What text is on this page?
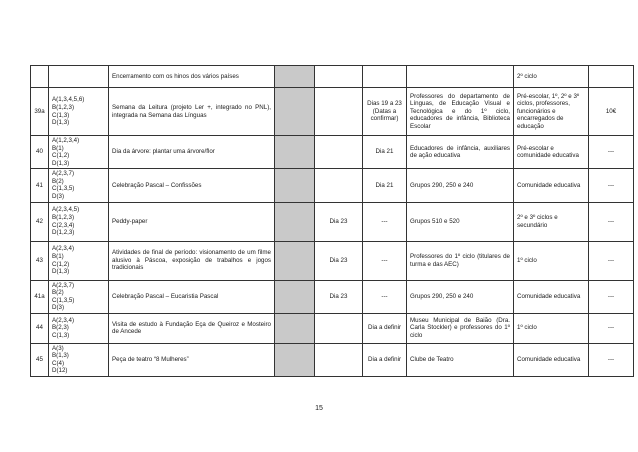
		Encerramento com os hinos dos vários países					2º ciclo	
39a	A(1,3,4,5,6)
B(1,2,3)
C(1,3)
D(1,3)	Semana da Leitura (projeto Ler +, integrado no PNL), integrada na Semana das Línguas			Dias 19 a 23 (Datas a confirmar)	Professores do departamento de Línguas, de Educação Visual e Tecnológica e do 1º ciclo, educadores de infância, Biblioteca Escolar	Pré-escolar, 1º, 2º e 3º ciclos, professores, funcionários e encarregados de educação	10€
40	A(1,2,3,4)
B(1)
C(1,2)
D(1,3)	Dia da árvore: plantar uma árvore/flor			Dia 21	Educadores de infância, auxiliares de ação educativa	Pré-escolar e comunidade educativa	---
41	A(2,3,7)
B(2)
C(1,3,5)
D(3)	Celebração Pascal – Confissões			Dia 21	Grupos 290, 250 e 240	Comunidade educativa	---
42	A(2,3,4,5)
B(1,2,3)
C(2,3,4)
D(1,2,3)	Peddy-paper		Dia 23	---	Grupos 510 e 520	2º e 3º ciclos e secundário	---
43	A(2,3,4)
B(1)
C(1,2)
D(1,3)	Atividades de final de período: visionamento de um filme alusivo à Páscoa, exposição de trabalhos e jogos tradicionais		Dia 23	---	Professores do 1º ciclo (titulares de turma e das AEC)	1º ciclo	---
41a	A(2,3,7)
B(2)
C(1,3,5)
D(3)	Celebração Pascal – Eucaristia Pascal		Dia 23	---	Grupos 290, 250 e 240	Comunidade educativa	---
44	A(2,3,4)
B(2,3)
C(1,3)	Visita de estudo à Fundação Eça de Queiroz e Mosteiro de Ancede			Dia a definir	Museu Municipal de Baião (Dra. Carla Stockler) e professores do 1º ciclo	1º ciclo	---
45	A(3)
B(1,3)
C(4)
D(12)	Peça de teatro “8 Mulheres”			Dia a definir	Clube de Teatro	Comunidade educativa	---
15
